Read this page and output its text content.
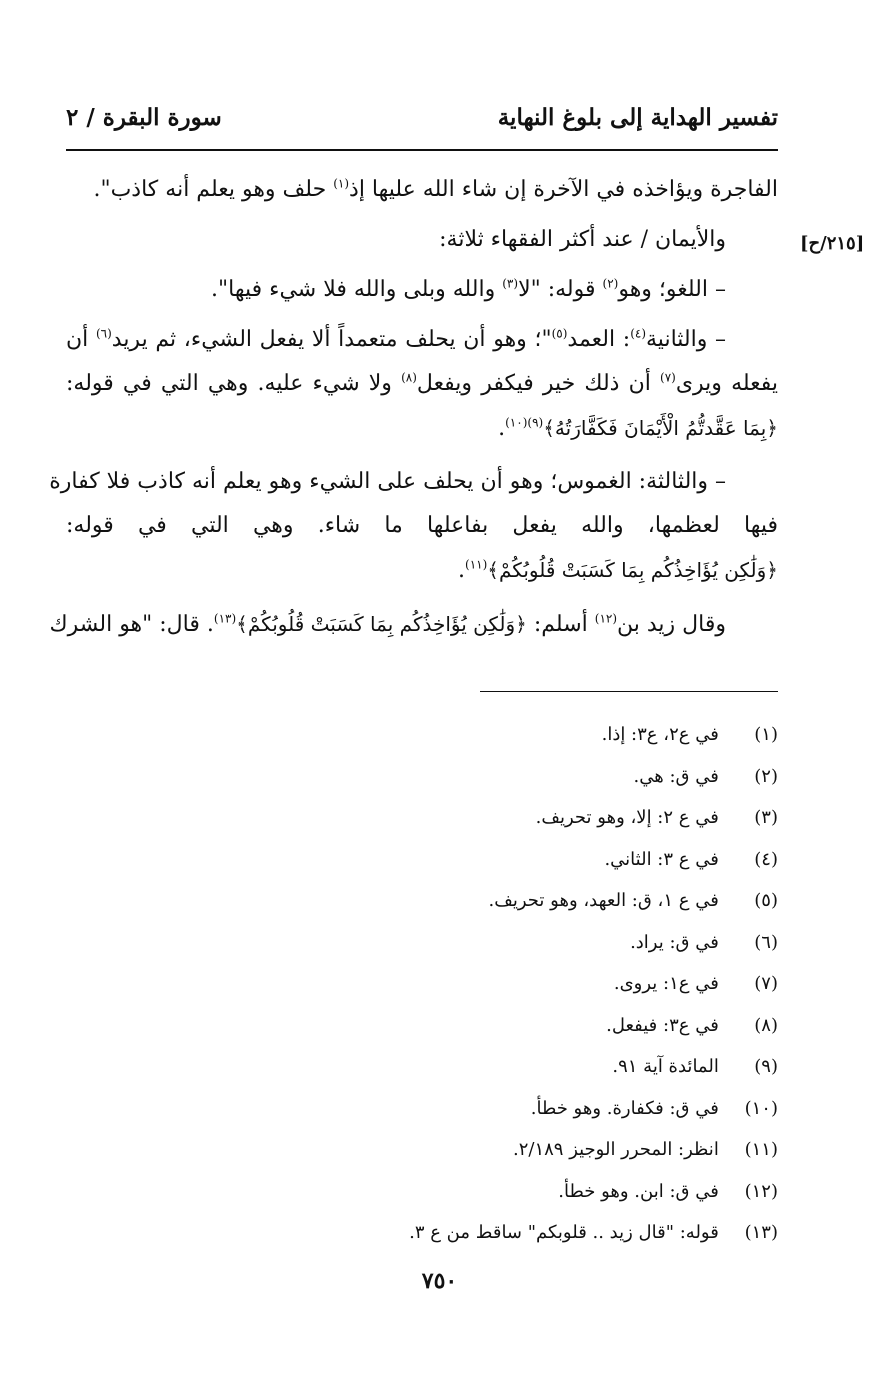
تفسير الهداية إلى بلوغ النهاية
سورة البقرة / ٢
[٢١٥/ح]
الفاجرة ويؤاخذه في الآخرة إن شاء الله عليها إذ$^{(١)}$ حلف وهو يعلم أنه كاذب".
والأيمان / عند أكثر الفقهاء ثلاثة:
– اللغو؛ وهو$^{(٢)}$ قوله: "لا$^{(٣)}$ والله وبلى والله فلا شيء فيها".
– والثانية$^{(٤)}$: العمد$^{(٥)}$"؛ وهو أن يحلف متعمداً ألا يفعل الشيء، ثم يريد$^{(٦)}$ أن
يفعله ويرى$^{(٧)}$ أن ذلك خير فيكفر ويفعل$^{(٨)}$ ولا شيء عليه. وهي التي في قوله:
﴿بِمَا عَقَّدتُّمُ الْأَيْمَانَ فَكَفَّارَتُهُ﴾$^{(٩)(١٠)}$.
– والثالثة: الغموس؛ وهو أن يحلف على الشيء وهو يعلم أنه كاذب فلا كفارة
فيها لعظمها، والله يفعل بفاعلها ما شاء. وهي التي في قوله:
﴿وَلَٰكِن يُؤَاخِذُكُم بِمَا كَسَبَتْ قُلُوبُكُمْ﴾$^{(١١)}$.
وقال زيد بن$^{(١٢)}$ أسلم: ﴿وَلَٰكِن يُؤَاخِذُكُم بِمَا كَسَبَتْ قُلُوبُكُمْ﴾$^{(١٣)}$. قال: "هو الشرك
(١)   في ع٢، ع٣: إذا.
(٢)   في ق: هي.
(٣)   في ع ٢: إلا، وهو تحريف.
(٤)   في ع ٣: الثاني.
(٥)   في ع ١، ق: العهد، وهو تحريف.
(٦)   في ق: يراد.
(٧)   في ع١: يروى.
(٨)   في ع٣: فيفعل.
(٩)   المائدة آية ٩١.
(١٠)   في ق: فكفارة. وهو خطأ.
(١١)   انظر: المحرر الوجيز ٢/١٨٩.
(١٢)   في ق: ابن. وهو خطأ.
(١٣)   قوله: "قال زيد .. قلوبكم" ساقط من ع ٣.
٧٥٠
